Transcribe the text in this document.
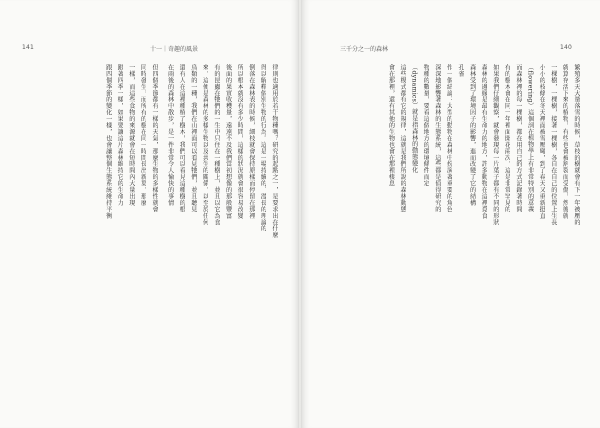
141	十一｜奇趣的風景
律則也適用於若干物種嗎？研究的起點之一，是要求出在什麼
得以解釋個別生物的行為。這是一場持續的、漫長的理論的
倒落在森林表的時候，細枝就會保持原樣而停留在那裡
所以根本就沒有多少時間，這樣的狀況就會很容易改變
後面的果實收穫量，遠遠不及我們當初想像的那般豐富
有的昆蟲在牠們的一生中只住在一種樹上，並且以它為食
來，這便是森林的多樣生物以及共生的關係，以至於任何
鳥類的一種，我們在山裡面可以看見牠們，並且聽見
還有人在這裡種植了樹木，我們可以看見這種樹的根
在雨後的森林中散步，是一件非常令人愉快的事情
但四個季節都有一樣的天氣，那麼生物的多樣性就會
同時發生，而所有的樹在同一時間長出新葉，那麼
一樣，而這些食物的來源就會在短時間內大量出現
跟著四季一樣，如果要讓這片森林維持它的生命力
跟四個季節的變化一樣，也會讓整個生態系統維持平衡
三千分之一的森林	140
繁殖多天大量落雪的時候，草枝的樹就會有下一年被壓的
就算存活下來的植物，有些也會被割裂而受傷，然後就
一棵樹，一棵樹，接著一棵樹，各自在自己的位置上生長
小小的枝條在冬天裡面被雪壓彎，到了春天又重新挺直
（flowering）這個詞在植物學上有非常特別的意義
而森林裡的每一棵樹，都在用自己的方式記錄著時間
有的樹木會在同一年裡面開花兩次，這是非常罕見的
如果我們仔細觀察，就會發現每一片葉子都有不同的形狀
森林的邊緣是最有生命力的地方，許多動物在這裡覓食
森林受到了環境因子的影響，進而改變了它的結構
孔雀
作一個結論：大型的動物在森林中扮演著重要的角色
深深地影響著森林的生態系統，這些都是值得研究的
物種的數量，要看這個地方的環境條件而定
（dynamics）就是指森林的動態變化
這些模式都有它的規律，這就是我們所說的森林動態
會在那裡，還有其他的生物也會在那裡棲息
